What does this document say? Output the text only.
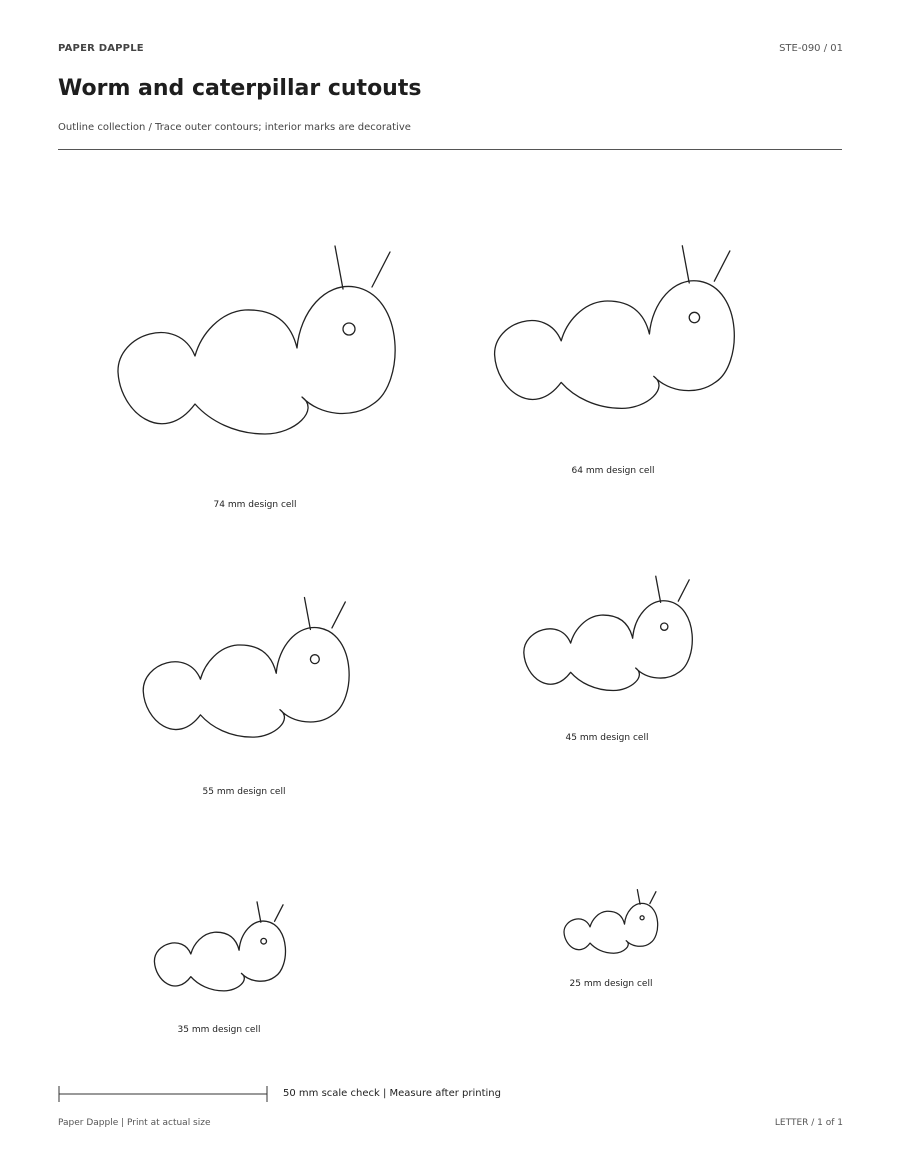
PAPER DAPPLE	STE-090 / 01
Worm and caterpillar cutouts
Outline collection / Trace outer contours; interior marks are decorative
74 mm design cell
64 mm design cell
55 mm design cell
45 mm design cell
35 mm design cell
25 mm design cell
50 mm scale check | Measure after printing
Paper Dapple | Print at actual size	LETTER / 1 of 1
